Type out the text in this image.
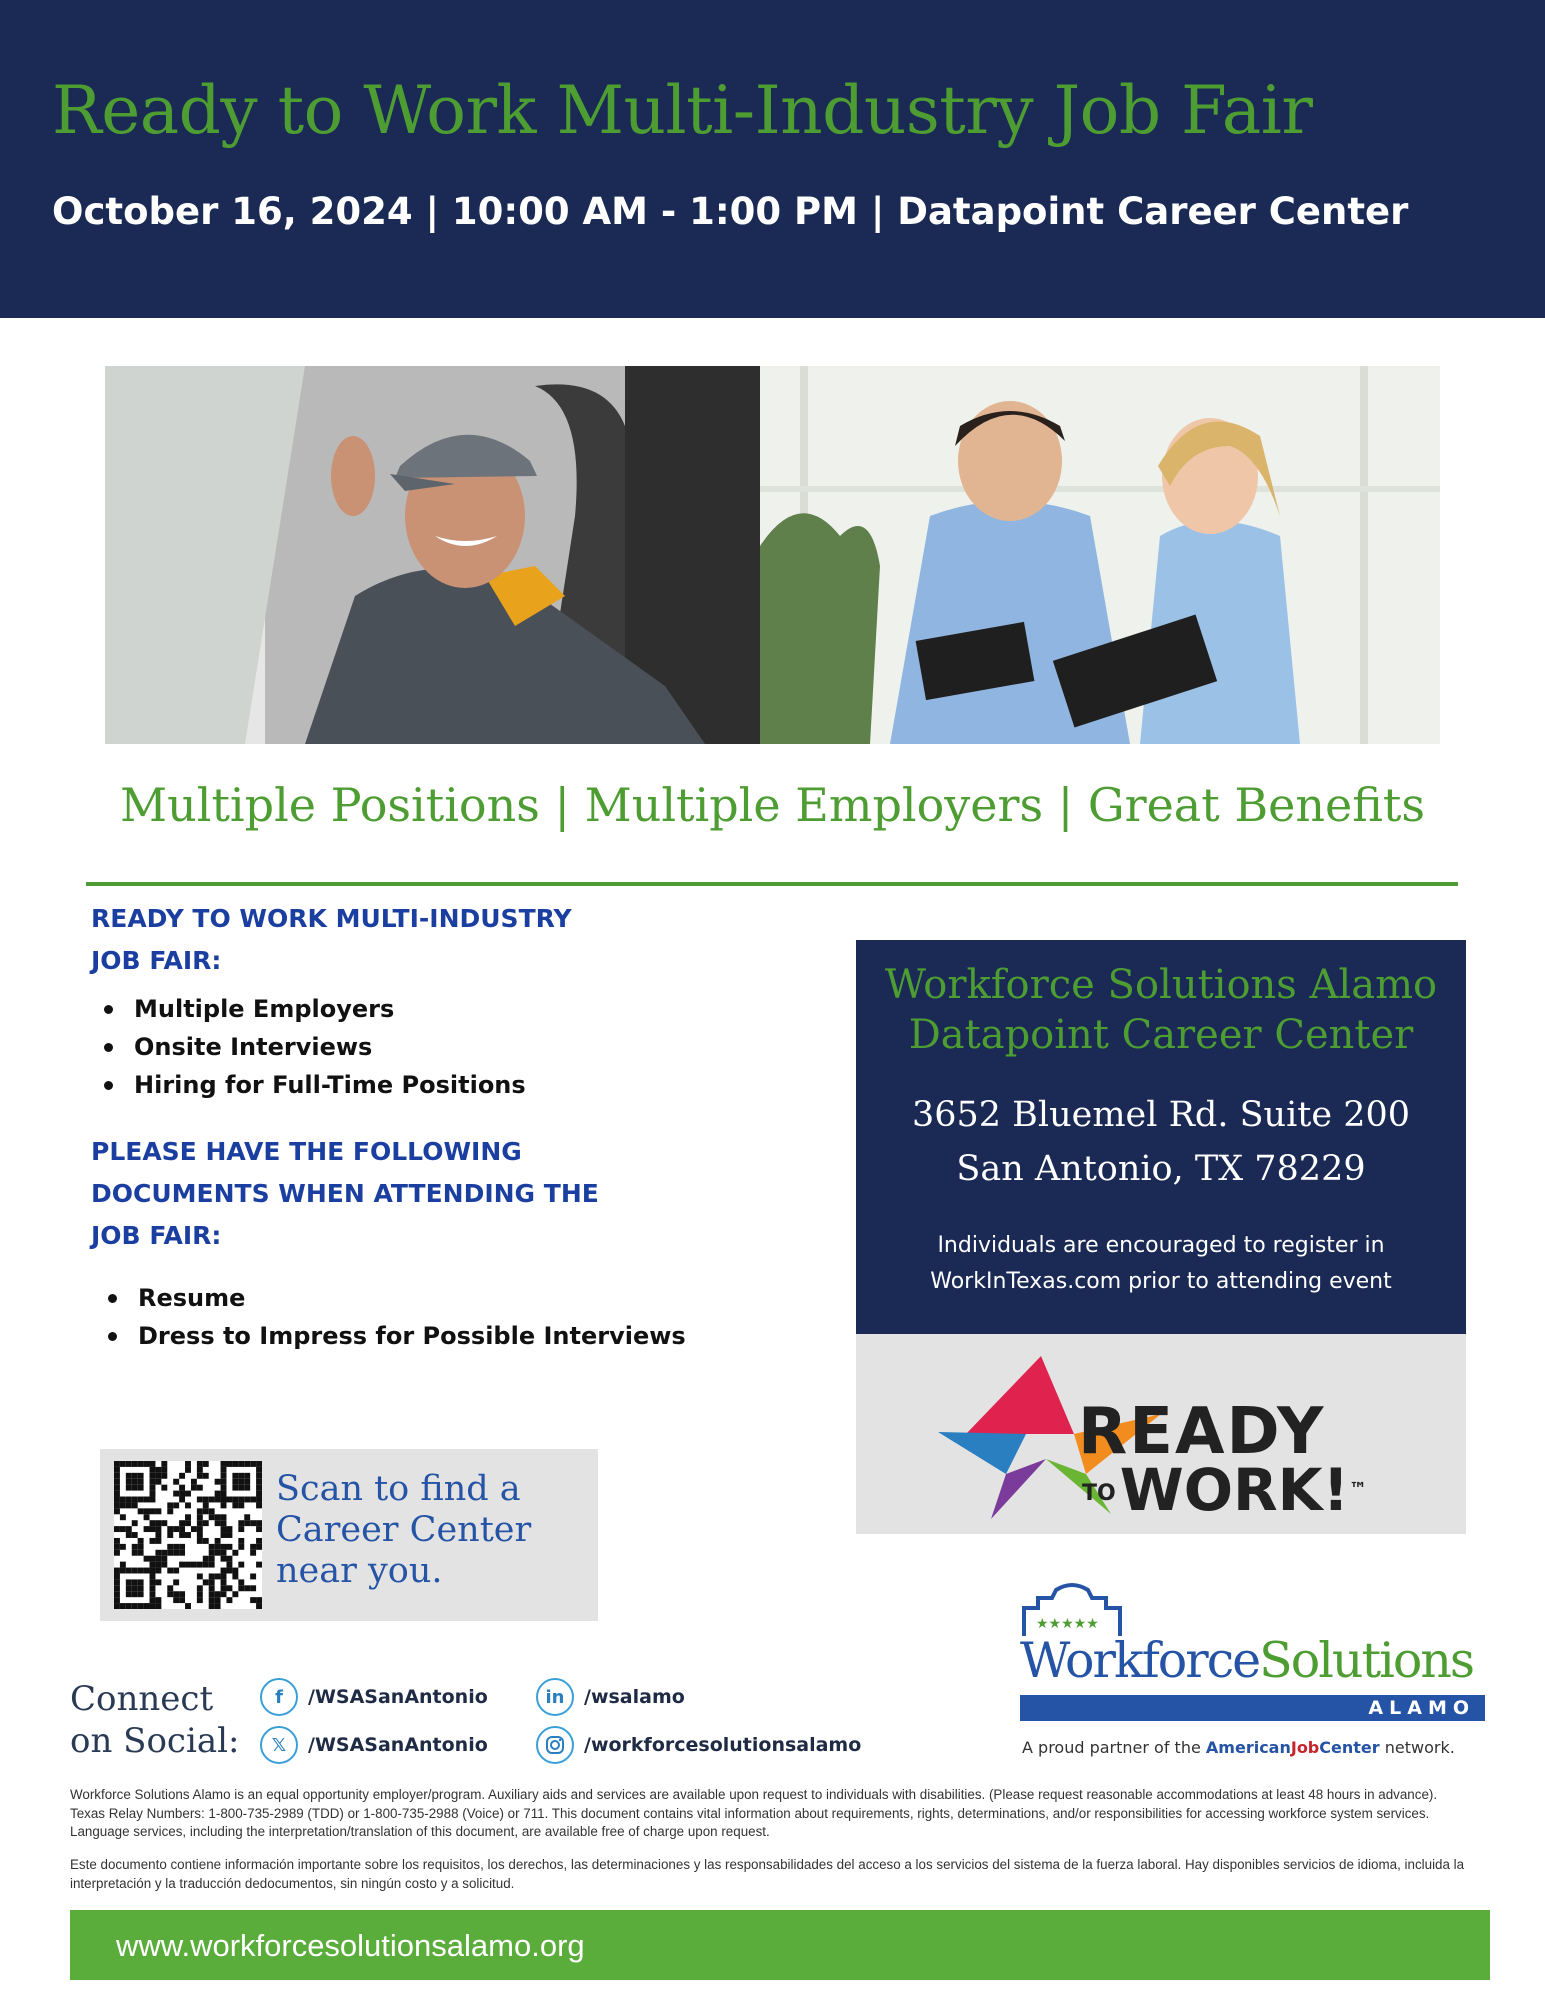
Ready to Work Multi-Industry Job Fair
October 16, 2024 | 10:00 AM - 1:00 PM | Datapoint Career Center
Multiple Positions | Multiple Employers | Great Benefits
READY TO WORK MULTI-INDUSTRY
JOB FAIR:
Multiple Employers
Onsite Interviews
Hiring for Full-Time Positions
PLEASE HAVE THE FOLLOWING
DOCUMENTS WHEN ATTENDING THE
JOB FAIR:
Resume
Dress to Impress for Possible Interviews
Workforce Solutions Alamo
Datapoint Career Center
3652 Bluemel Rd. Suite 200
San Antonio, TX 78229
Individuals are encouraged to register in
WorkInTexas.com prior to attending event
READY
TOWORK!™
Scan to find a
Career Center
near you.
Connect
on Social:
f	/WSASanAntonio
𝕏	/WSASanAntonio
in	/wsalamo
/workforcesolutionsalamo
★★★★★
WorkforceSolutions
ALAMO
A proud partner of the AmericanJobCenter network.
Workforce Solutions Alamo is an equal opportunity employer/program. Auxiliary aids and services are available upon request to individuals with disabilities. (Please request reasonable accommodations at least 48 hours in advance). Texas Relay Numbers: 1-800-735-2989 (TDD) or 1-800-735-2988 (Voice) or 711. This document contains vital information about requirements, rights, determinations, and/or responsibilities for accessing workforce system services. Language services, including the interpretation/translation of this document, are available free of charge upon request.
Este documento contiene información importante sobre los requisitos, los derechos, las determinaciones y las responsabilidades del acceso a los servicios del sistema de la fuerza laboral. Hay disponibles servicios de idioma, incluida la interpretación y la traducción dedocumentos, sin ningún costo y a solicitud.
www.workforcesolutionsalamo.org
